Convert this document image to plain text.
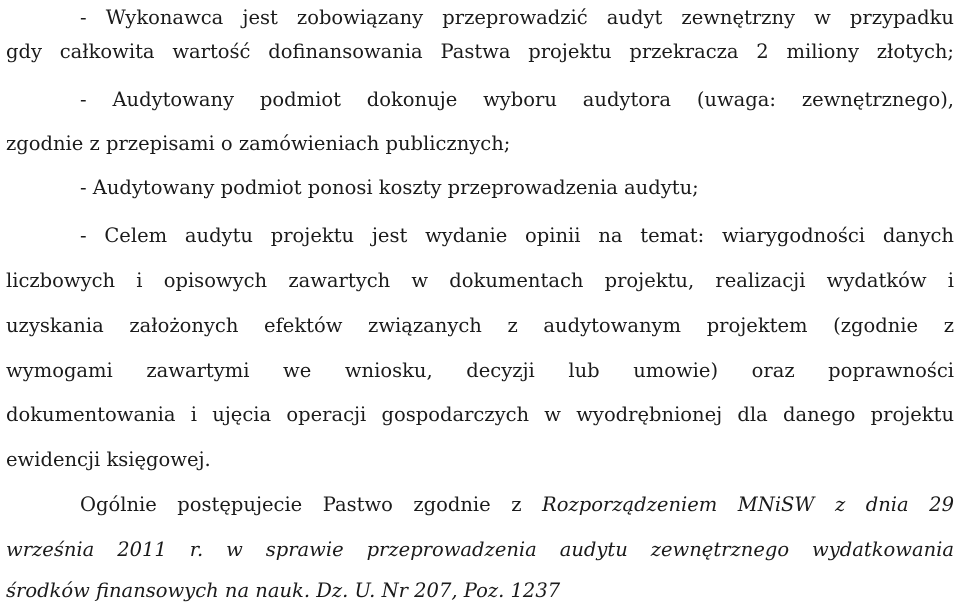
- Wykonawca jest zobowiązany przeprowadzić audyt zewnętrzny w przypadku
gdy całkowita wartość dofinansowania Pastwa projektu przekracza 2 miliony złotych;
- Audytowany podmiot dokonuje wyboru audytora (uwaga: zewnętrznego),
zgodnie z przepisami o zamówieniach publicznych;
- Audytowany podmiot ponosi koszty przeprowadzenia audytu;
- Celem audytu projektu jest wydanie opinii na temat: wiarygodności danych
liczbowych i opisowych zawartych w dokumentach projektu, realizacji wydatków i
uzyskania założonych efektów związanych z audytowanym projektem (zgodnie z
wymogami zawartymi we wniosku, decyzji lub umowie) oraz poprawności
dokumentowania i ujęcia operacji gospodarczych w wyodrębnionej dla danego projektu
ewidencji księgowej.
Ogólnie postępujecie Pastwo zgodnie z Rozporządzeniem MNiSW z dnia 29
września 2011 r. w sprawie przeprowadzenia audytu zewnętrznego wydatkowania
środków finansowych na nauk. Dz. U. Nr 207, Poz. 1237
